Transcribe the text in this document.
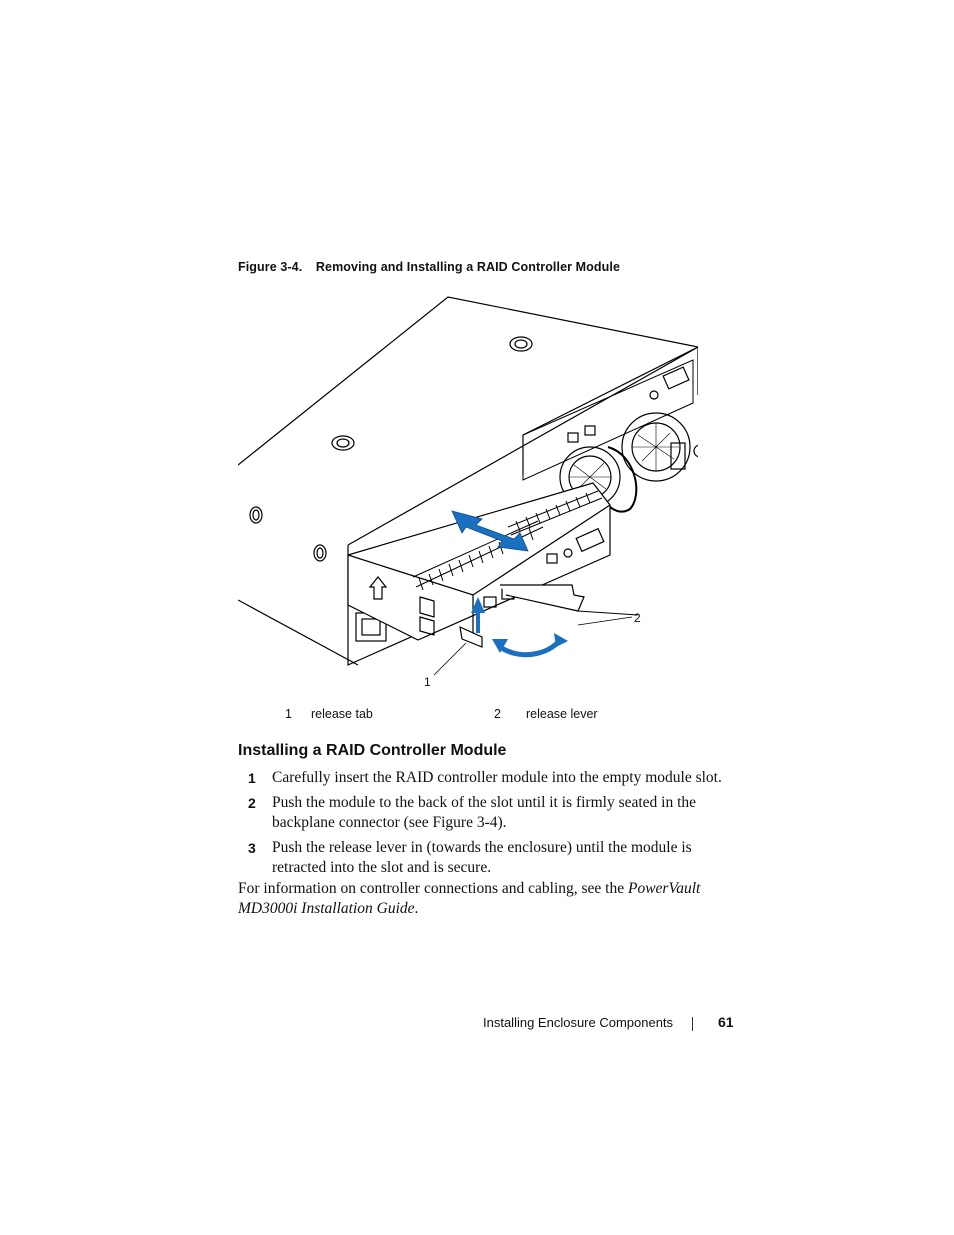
Figure 3-4. Removing and Installing a RAID Controller Module
1
2
1 release tab	2 release lever
Installing a RAID Controller Module
1 Carefully insert the RAID controller module into the empty module slot.
2 Push the module to the back of the slot until it is firmly seated in the backplane connector (see Figure 3-4).
3 Push the release lever in (towards the enclosure) until the module is retracted into the slot and is secure.
For information on controller connections and cabling, see the PowerVault MD3000i Installation Guide.
Installing Enclosure Components	61
